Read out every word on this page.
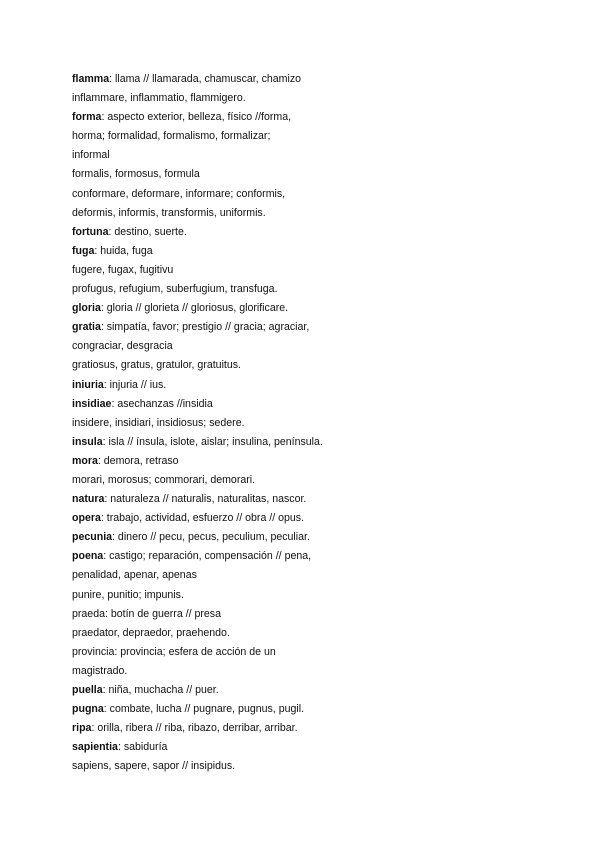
flamma: llama // llamarada, chamuscar, chamizo
inflammare, inflammatio, flammigero.
forma: aspecto exterior, belleza, físico //forma,
horma; formalidad, formalismo, formalizar;
informal
formalis, formosus, formula
conformare, deformare, informare; conformis,
deformis, informis, transformis, uniformis.
fortuna: destino, suerte.
fuga: huida, fuga
fugere, fugax, fugitivu
profugus, refugium, suberfugium, transfuga.
gloria: gloria // glorieta // gloriosus, glorificare.
gratia: simpatía, favor; prestigio // gracia; agraciar,
congraciar, desgracia
gratiosus, gratus, gratulor, gratuitus.
iniuria: injuria // ius.
insidiae: asechanzas //insidia
insidere, insidiari, insidiosus; sedere.
insula: isla // ínsula, islote, aislar; insulina, península.
mora: demora, retraso
morari, morosus; commorari, demorari.
natura: naturaleza // naturalis, naturalitas, nascor.
opera: trabajo, actividad, esfuerzo // obra // opus.
pecunia: dinero // pecu, pecus, peculium, peculiar.
poena: castigo; reparación, compensación // pena,
penalidad, apenar, apenas
punire, punitio; impunis.
praeda: botín de guerra // presa
praedator, depraedor, praehendo.
provincia: provincia; esfera de acción de un
magistrado.
puella: niña, muchacha // puer.
pugna: combate, lucha // pugnare, pugnus, pugil.
ripa: orilla, ribera // riba, ribazo, derribar, arribar.
sapientia: sabiduría
sapiens, sapere, sapor // insipidus.
